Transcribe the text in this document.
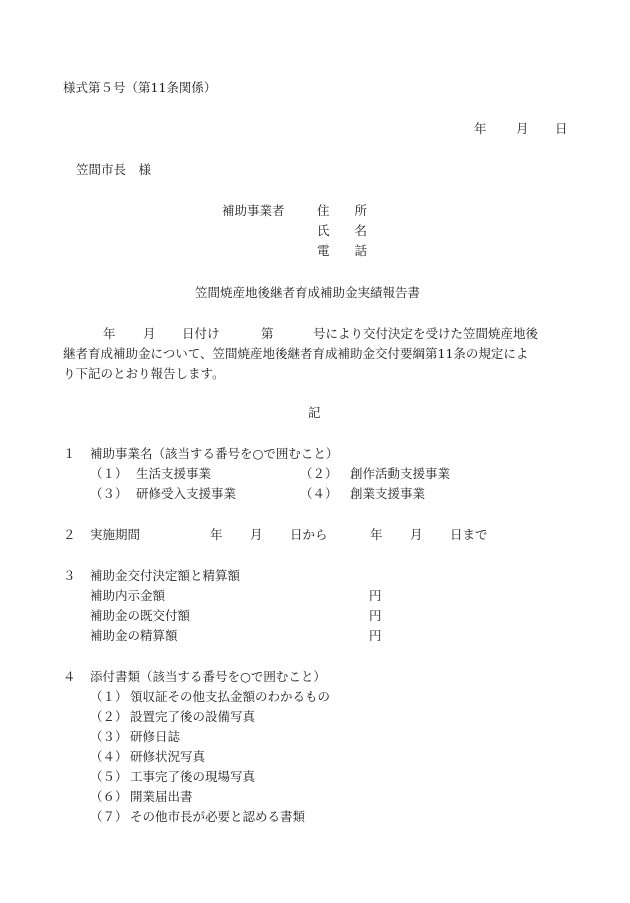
様式第５号（第11条関係）
年 月 日
笠間市長　様
補助事業者	住　　所
氏　　名
電　　話
笠間焼産地後継者育成補助金実績報告書
年 月 日付け	第	号により交付決定を受けた笠間焼産地後
継者育成補助金について、笠間焼産地後継者育成補助金交付要綱第11条の規定によ
り下記のとおり報告します。
記
１ 補助事業名（該当する番号を○で囲むこと）
（１） 生活支援事業	（２） 創作活動支援事業
（３） 研修受入支援事業	（４） 創業支援事業
２ 実施期間	年 月 日から	年 月 日まで
３ 補助金交付決定額と精算額
補助内示金額	円
補助金の既交付額	円
補助金の精算額	円
４ 添付書類（該当する番号を○で囲むこと）
（１） 領収証その他支払金額のわかるもの
（２） 設置完了後の設備写真
（３） 研修日誌
（４） 研修状況写真
（５） 工事完了後の現場写真
（６） 開業届出書
（７） その他市長が必要と認める書類
